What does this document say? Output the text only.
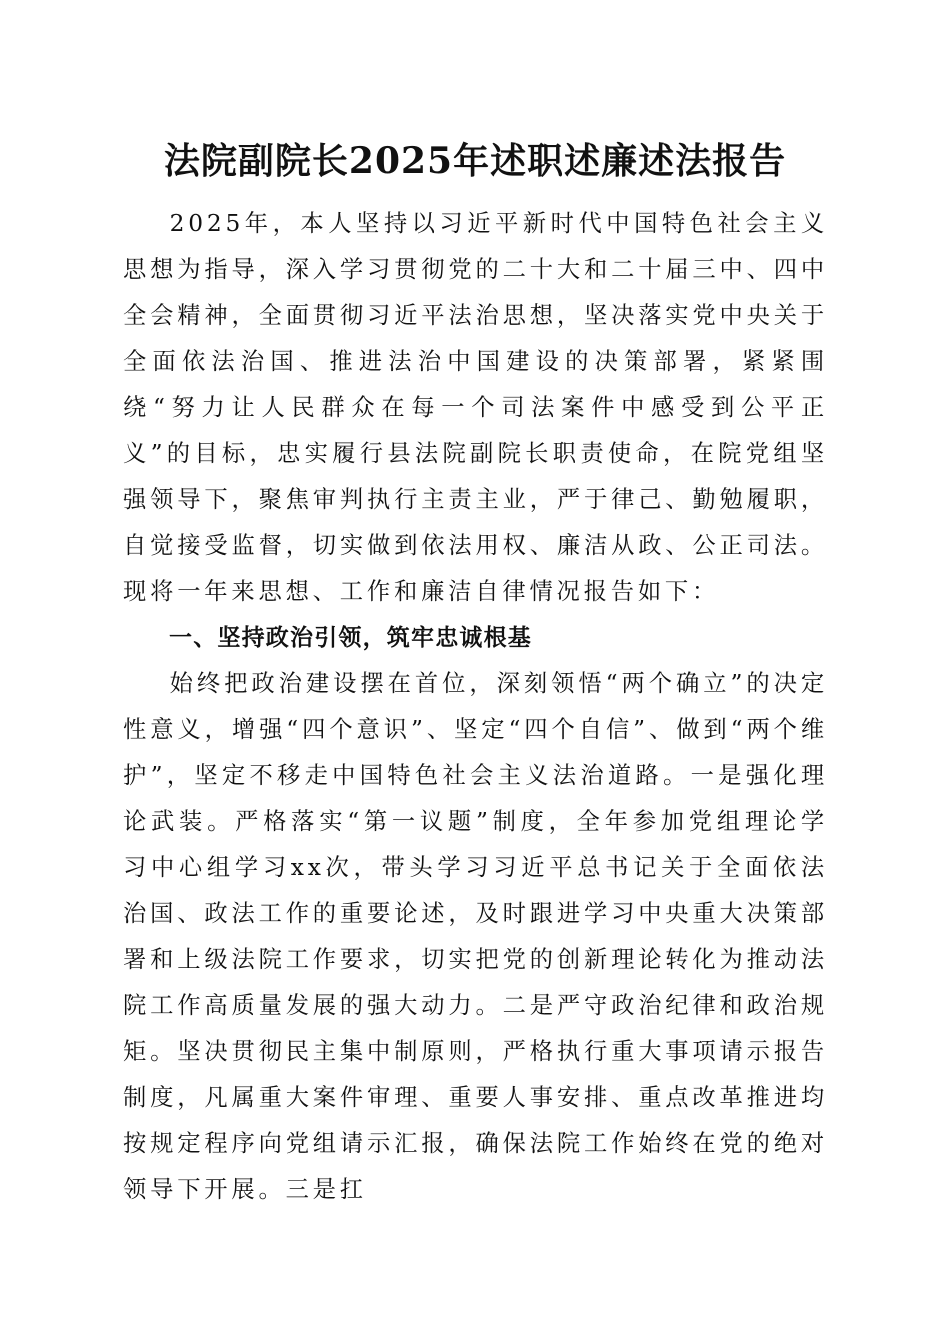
法院副院长2025年述职述廉述法报告

2025年，本人坚持以习近平新时代中国特色社会主义思想为指导，深入学习贯彻党的二十大和二十届三中、四中全会精神，全面贯彻习近平法治思想，坚决落实党中央关于全面依法治国、推进法治中国建设的决策部署，紧紧围绕“努力让人民群众在每一个司法案件中感受到公平正义”的目标，忠实履行县法院副院长职责使命，在院党组坚强领导下，聚焦审判执行主责主业，严于律己、勤勉履职，自觉接受监督，切实做到依法用权、廉洁从政、公正司法。现将一年来思想、工作和廉洁自律情况报告如下：

一、坚持政治引领，筑牢忠诚根基

始终把政治建设摆在首位，深刻领悟“两个确立”的决定性意义，增强“四个意识”、坚定“四个自信”、做到“两个维护”，坚定不移走中国特色社会主义法治道路。一是强化理论武装。严格落实“第一议题”制度，全年参加党组理论学习中心组学习xx次，带头学习习近平总书记关于全面依法治国、政法工作的重要论述，及时跟进学习中央重大决策部署和上级法院工作要求，切实把党的创新理论转化为推动法院工作高质量发展的强大动力。二是严守政治纪律和政治规矩。坚决贯彻民主集中制原则，严格执行重大事项请示报告制度，凡属重大案件审理、重要人事安排、重点改革推进均按规定程序向党组请示汇报，确保法院工作始终在党的绝对领导下开展。三是扛
